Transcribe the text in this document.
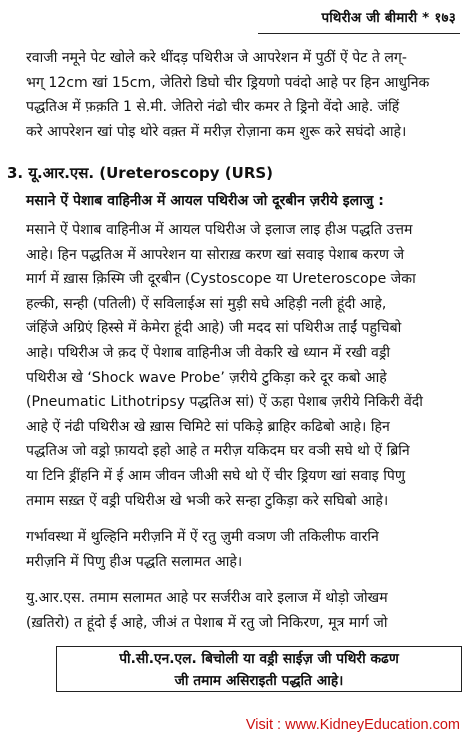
पथिरीअ जी बीमारी * १७३
रवाजी नमूने पेट खोले करे थींदड़ पथिरीअ जे आपरेशन में पुठीं ऐं पेट ते लग्-
भग् 12cm खां 15cm, जेतिरो डिघो चीर ड्रियणो पवंदो आहे पर हिन आधुनिक
पद्धतिअ में फ़क़ति 1 से.मी. जेतिरो नंढो चीर कमर ते ड्रिनो वेंदो आहे. जंहिं
करे आपरेशन खां पोइ थोरे वक़्त में मरीज़ रोज़ाना कम शुरू करे सघंदो आहे।
3. यू.आर.एस. (Ureteroscopy (URS)
मसाने ऐं पेशाब वाहिनीअ में आयल पथिरीअ जो दूरबीन ज़रीये इलाजु :
मसाने ऐं पेशाब वाहिनीअ में आयल पथिरीअ जे इलाज लाइ हीअ पद्धति उत्तम
आहे। हिन पद्धतिअ में आपरेशन या सोराख़ करण खां सवाइ पेशाब करण जे
मार्ग में ख़ास क़िस्मि जी दूरबीन (Cystoscope या Ureteroscope जेका
हल्की, सन्ही (पतिली) ऐं सविलाईअ सां मुड़ी सघे अहिड़ी नली हूंदी आहे,
जंहिंजे अग्रिएं हिस्से में केमेरा हूंदी आहे) जी मदद सां पथिरीअ ताईं पहुचिबो
आहे। पथिरीअ जे क़द ऐं पेशाब वाहिनीअ जी वेकरि खे ध्यान में रखी वड्री
पथिरीअ खे ‘Shock wave Probe’ ज़रीये टुकिड़ा करे दूर कबो आहे
(Pneumatic Lithotripsy पद्धतिअ सां) ऐं ऊहा पेशाब ज़रीये निकिरी वेंदी
आहे ऐं नंढी पथिरीअ खे ख़ास चिमिटे सां पकिड़े ब्राहिर कढिबो आहे। हिन
पद्धतिअ जो वड्रो फ़ायदो इहो आहे त मरीज़ यकिदम घर वञी सघे थो ऐं ब्रिनि
या टिनि ड्रींहनि में ई आम जीवन जीअी सघे थो ऐं चीर ड्रियण खां सवाइ पिणु
तमाम सख़्त ऐं वड्री पथिरीअ खे भञी करे सन्हा टुकिड़ा करे सघिबो आहे।
गर्भावस्था में थुल्हिनि मरीज़नि में ऐं रतु ज़ुमी वञण जी तकिलीफ वारनि
मरीज़नि में पिणु हीअ पद्धति सलामत आहे।
यु.आर.एस. तमाम सलामत आहे पर सर्जरीअ वारे इलाज में थोड़ो जोखम
(ख़तिरो) त हूंदो ई आहे, जीअं त पेशाब में रतु जो निकिरण, मूत्र मार्ग जो
पी.सी.एन.एल. बिचोली या वड्री साईज़ जी पथिरी कढण
जी तमाम असिराइती पद्धति आहे।
Visit : www.KidneyEducation.com
